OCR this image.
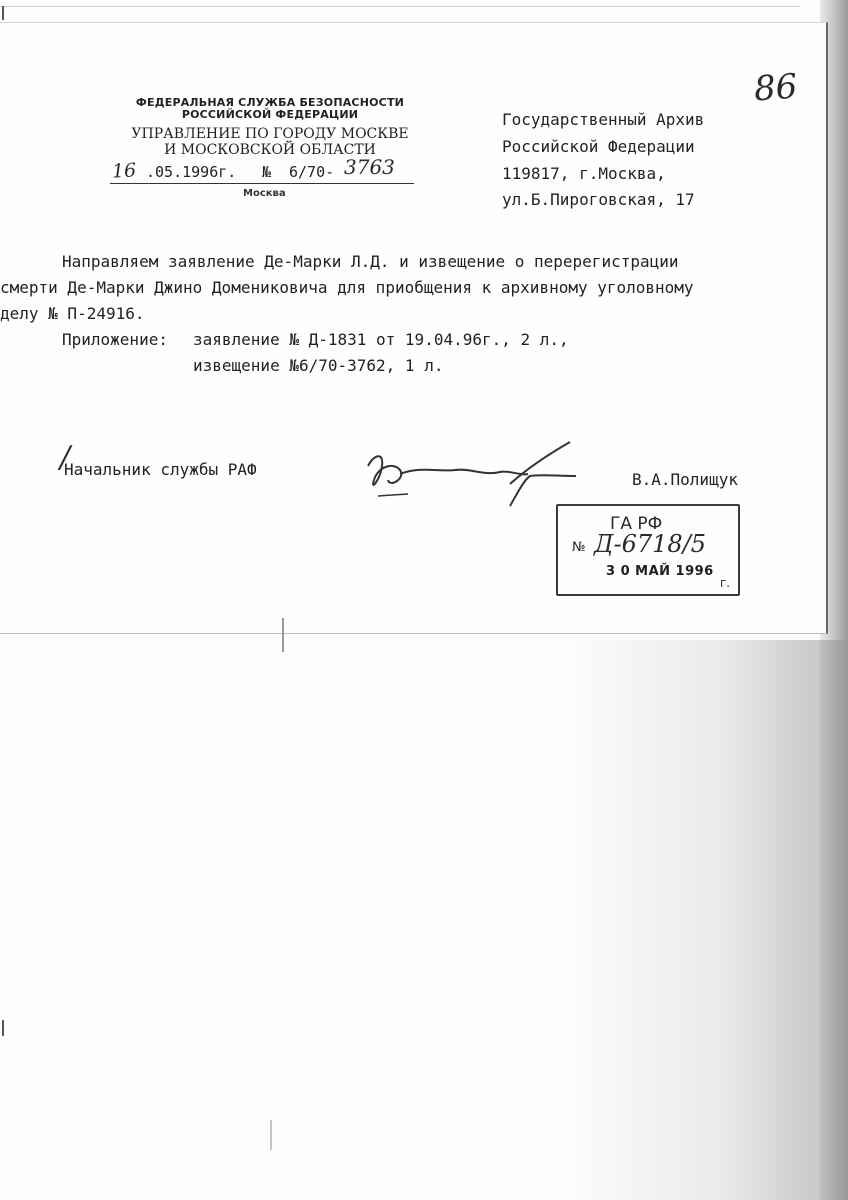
ФЕДЕРАЛЬНАЯ СЛУЖБА БЕЗОПАСНОСТИ
РОССИЙСКОЙ ФЕДЕРАЦИИ
УПРАВЛЕНИЕ ПО ГОРОДУ МОСКВЕ
И МОСКОВСКОЙ ОБЛАСТИ
16 .05.1996г. № 6/70- 3763
Москва
Государственный Архив
Российской Федерации
119817, г.Москва,
ул.Б.Пироговская, 17
86
Направляем заявление Де-Марки Л.Д. и извещение о перерегистрации
смерти Де-Марки Джино Домениковича для приобщения к архивному уголовному
делу № П-24916.
Приложение: заявление № Д-1831 от 19.04.96г., 2 л.,
извещение №6/70-3762, 1 л.
/
Начальник службы РАФ
В.А.Полищук
ГА РФ
№ Д-6718/5
3 0 МАЙ 1996
г.
